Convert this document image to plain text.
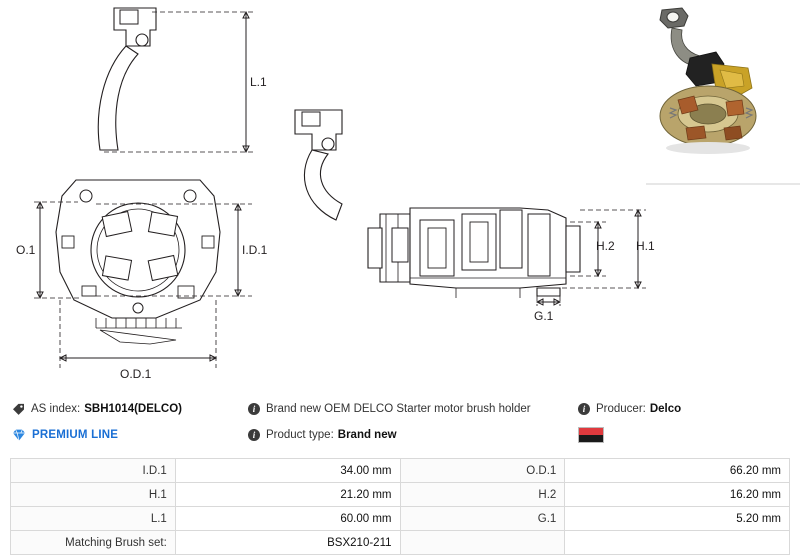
L.1
O.1	I.D.1
O.D.1
H.2 H.1
G.1
AS index: SBH1014(DELCO)	i Brand new OEM DELCO Starter motor brush holder	i Producer: Delco
PREMIUM LINE	i Product type: Brand new
I.D.1	34.00 mm	O.D.1	66.20 mm
H.1	21.20 mm	H.2	16.20 mm
L.1	60.00 mm	G.1	5.20 mm
Matching Brush set:	BSX210-211		
